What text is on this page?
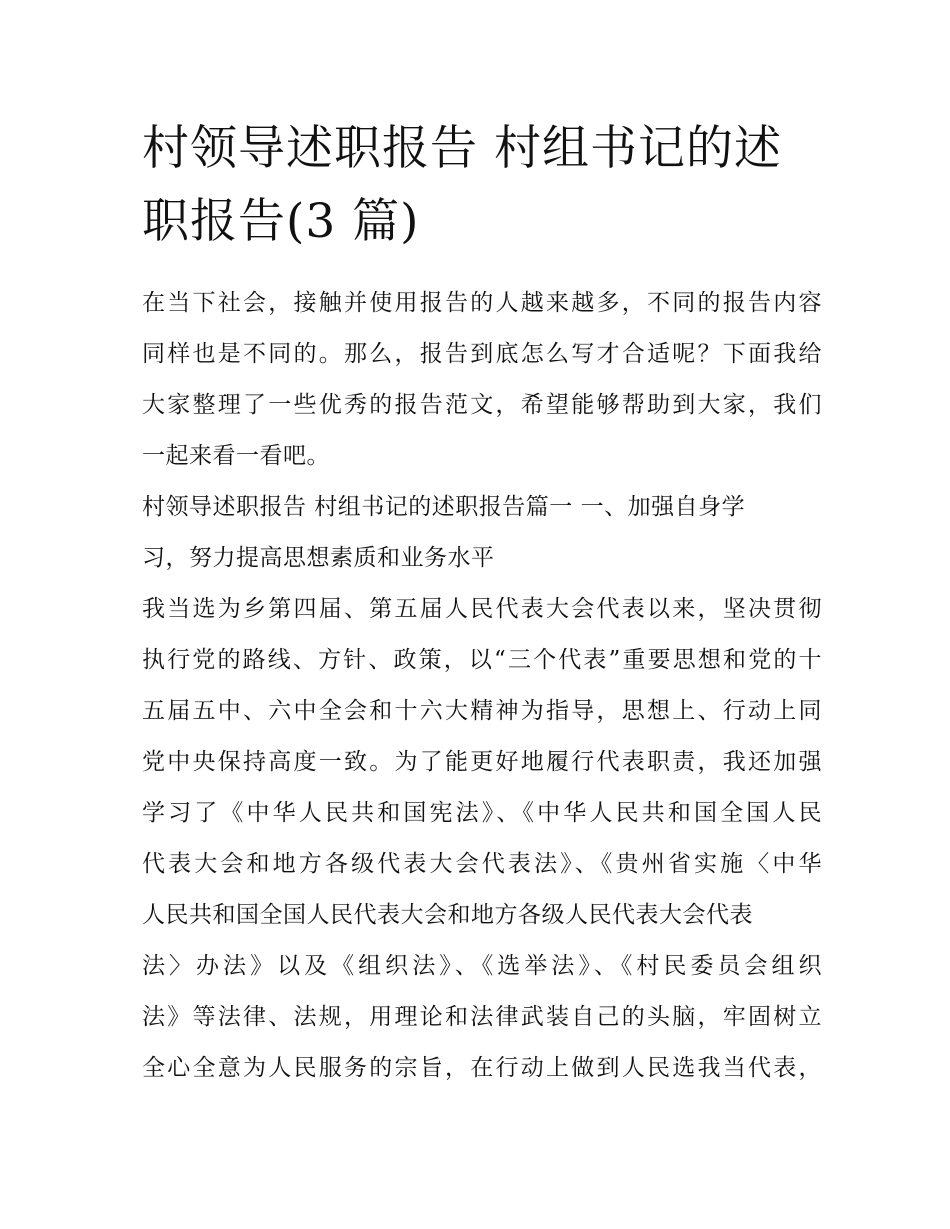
村领导述职报告 村组书记的述
职报告(3 篇)

在当下社会，接触并使用报告的人越来越多，不同的报告内容
同样也是不同的。那么，报告到底怎么写才合适呢？下面我给
大家整理了一些优秀的报告范文，希望能够帮助到大家，我们
一起来看一看吧。

村领导述职报告 村组书记的述职报告篇一 一、加强自身学
习，努力提高思想素质和业务水平

我当选为乡第四届、第五届人民代表大会代表以来，坚决贯彻
执行党的路线、方针、政策，以“三个代表”重要思想和党的十
五届五中、六中全会和十六大精神为指导，思想上、行动上同
党中央保持高度一致。为了能更好地履行代表职责，我还加强
学习了《中华人民共和国宪法》、《中华人民共和国全国人民
代表大会和地方各级代表大会代表法》、《贵州省实施〈中华
人民共和国全国人民代表大会和地方各级人民代表大会代表
法〉办法》以及《组织法》、《选举法》、《村民委员会组织
法》等法律、法规，用理论和法律武装自己的头脑，牢固树立
全心全意为人民服务的宗旨，在行动上做到人民选我当代表，
